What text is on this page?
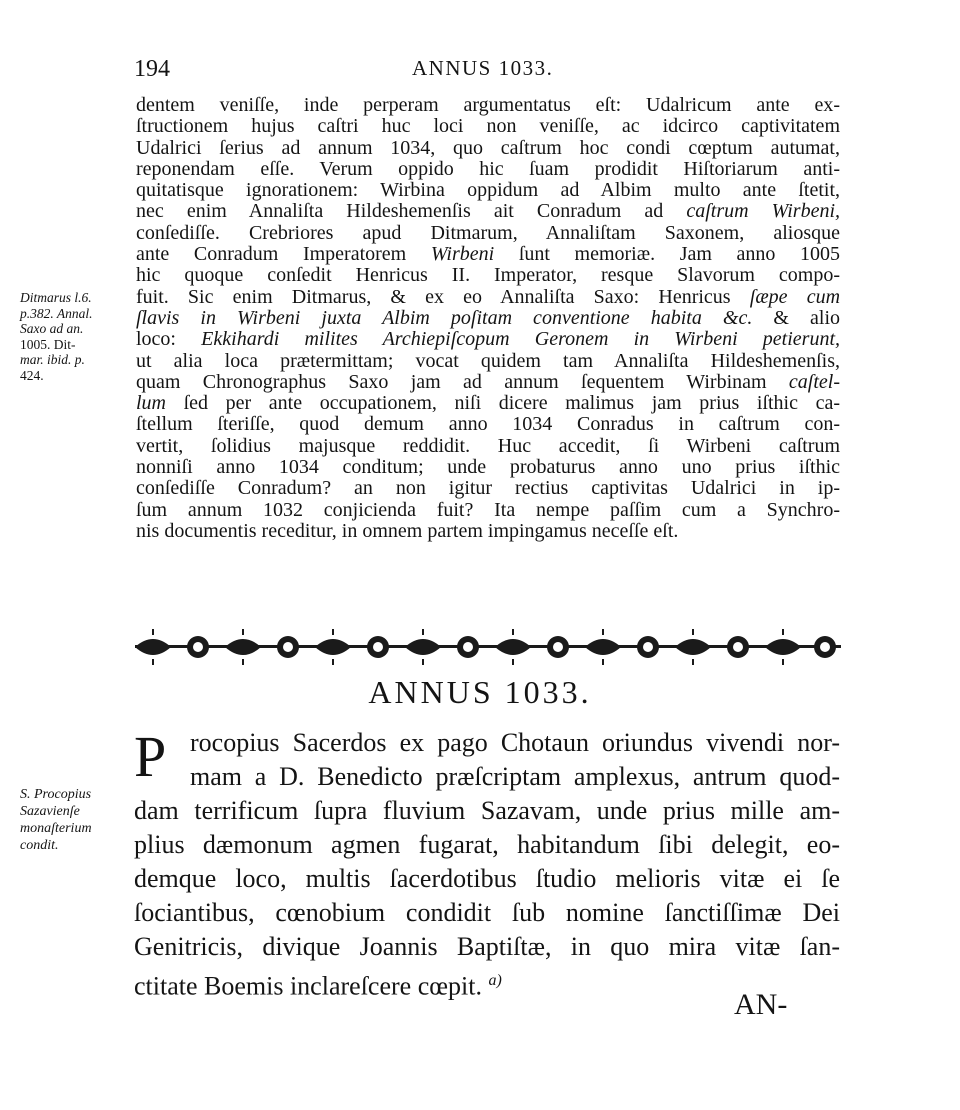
194	ANNUS 1033.
dentem veniſſe, inde perperam argumentatus eſt: Udalricum ante ex-
ſtructionem hujus caſtri huc loci non veniſſe, ac idcirco captivitatem
Udalrici ſerius ad annum 1034, quo caſtrum hoc condi cœptum autumat,
reponendam eſſe. Verum oppido hic ſuam prodidit Hiſtoriarum anti-
quitatisque ignorationem: Wirbina oppidum ad Albim multo ante ſtetit,
nec enim Annaliſta Hildeshemenſis ait Conradum ad caſtrum Wirbeni,
conſediſſe. Crebriores apud Ditmarum, Annaliſtam Saxonem, aliosque
ante Conradum Imperatorem Wirbeni ſunt memoriæ. Jam anno 1005
hic quoque conſedit Henricus II. Imperator, resque Slavorum compo-
fuit. Sic enim Ditmarus, & ex eo Annaliſta Saxo: Henricus ſæpe cum
ſlavis in Wirbeni juxta Albim poſitam conventione habita &c. & alio
loco: Ekkihardi milites Archiepiſcopum Geronem in Wirbeni petierunt,
ut alia loca prætermittam; vocat quidem tam Annaliſta Hildeshemenſis,
quam Chronographus Saxo jam ad annum ſequentem Wirbinam caſtel-
lum ſed per ante occupationem, niſi dicere malimus jam prius iſthic ca-
ſtellum ſteriſſe, quod demum anno 1034 Conradus in caſtrum con-
vertit, ſolidius majusque reddidit. Huc accedit, ſi Wirbeni caſtrum
nonniſi anno 1034 conditum; unde probaturus anno uno prius iſthic
conſediſſe Conradum? an non igitur rectius captivitas Udalrici in ip-
ſum annum 1032 conjicienda fuit? Ita nempe paſſim cum a Synchro-
nis documentis receditur, in omnem partem impingamus neceſſe eſt.
Ditmarus l.6.
p.382. Annal.
Saxo ad an.
1005. Dit-
mar. ibid. p.
424.
ANNUS 1033.
P rocopius Sacerdos ex pago Chotaun oriundus vivendi nor-
mam a D. Benedicto præſcriptam amplexus, antrum quod-
dam terrificum ſupra fluvium Sazavam, unde prius mille am-
plius dæmonum agmen fugarat, habitandum ſibi delegit, eo-
demque loco, multis ſacerdotibus ſtudio melioris vitæ ei ſe
ſociantibus, cœnobium condidit ſub nomine ſanctiſſimæ Dei
Genitricis, divique Joannis Baptiſtæ, in quo mira vitæ ſan-
ctitate Boemis inclareſcere cœpit. $^{a)}$
S. Procopius
Sazavienſe
monaſterium
condit.
AN-
